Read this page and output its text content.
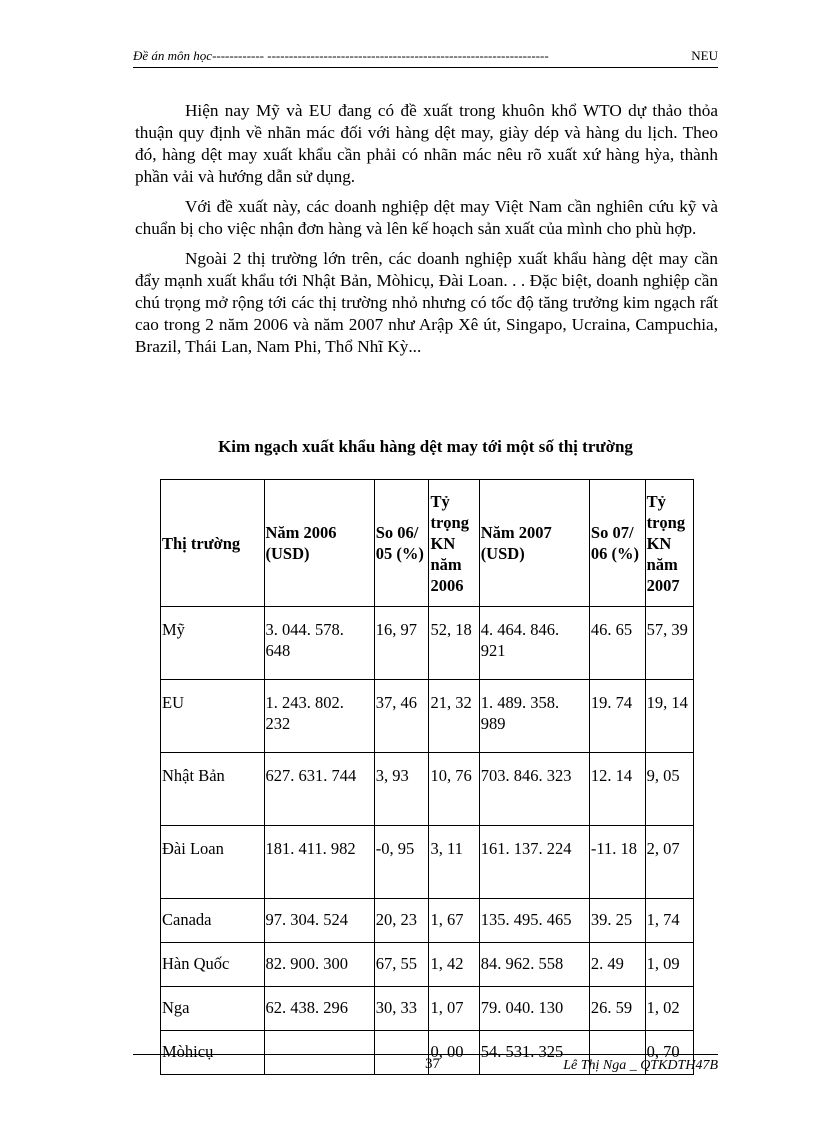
Đề án môn học------------ -----------------------------------------------------------------	NEU

Hiện nay Mỹ và EU đang có đề xuất trong khuôn khổ WTO dự thảo thỏa thuận quy định về nhãn mác đối với hàng dệt may, giày dép và hàng du lịch. Theo đó, hàng dệt may xuất khẩu cần phải có nhãn mác nêu rõ xuất xứ hàng hỳa, thành phần vải và hướng dẫn sử dụng.

Với đề xuất này, các doanh nghiệp dệt may Việt Nam cần nghiên cứu kỹ và chuẩn bị cho việc nhận đơn hàng và lên kế hoạch sản xuất của mình cho phù hợp.

Ngoài 2 thị trường lớn trên, các doanh nghiệp xuất khẩu hàng dệt may cần đẩy mạnh xuất khẩu tới Nhật Bản, Mòhicụ, Đài Loan. . . Đặc biệt, doanh nghiệp cần chú trọng mở rộng tới các thị trường nhỏ nhưng có tốc độ tăng trưởng kim ngạch rất cao trong 2 năm 2006 và năm 2007 như Arập Xê út, Singapo, Ucraina, Campuchia, Brazil, Thái Lan, Nam Phi, Thổ Nhĩ Kỳ...

Kim ngạch xuất khẩu hàng dệt may tới một số thị trường
Thị trường	Năm 2006 (USD)	So 06/ 05 (%)	Tỷ trọng KN năm 2006	Năm 2007 (USD)	So 07/ 06 (%)	Tỷ trọng KN năm 2007
Mỹ	3. 044. 578. 648	16, 97	52, 18	4. 464. 846. 921	46. 65	57, 39
EU	1. 243. 802. 232	37, 46	21, 32	1. 489. 358. 989	19. 74	19, 14
Nhật Bản	627. 631. 744	3, 93	10, 76	703. 846. 323	12. 14	9, 05
Đài Loan	181. 411. 982	-0, 95	3, 11	161. 137. 224	-11. 18	2, 07
Canada	97. 304. 524	20, 23	1, 67	135. 495. 465	39. 25	1, 74
Hàn Quốc	82. 900. 300	67, 55	1, 42	84. 962. 558	2. 49	1, 09
Nga	62. 438. 296	30, 33	1, 07	79. 040. 130	26. 59	1, 02
Mòhicụ			0, 00	54. 531. 325		0, 70
37	Lê Thị Nga _ QTKDTH47B
